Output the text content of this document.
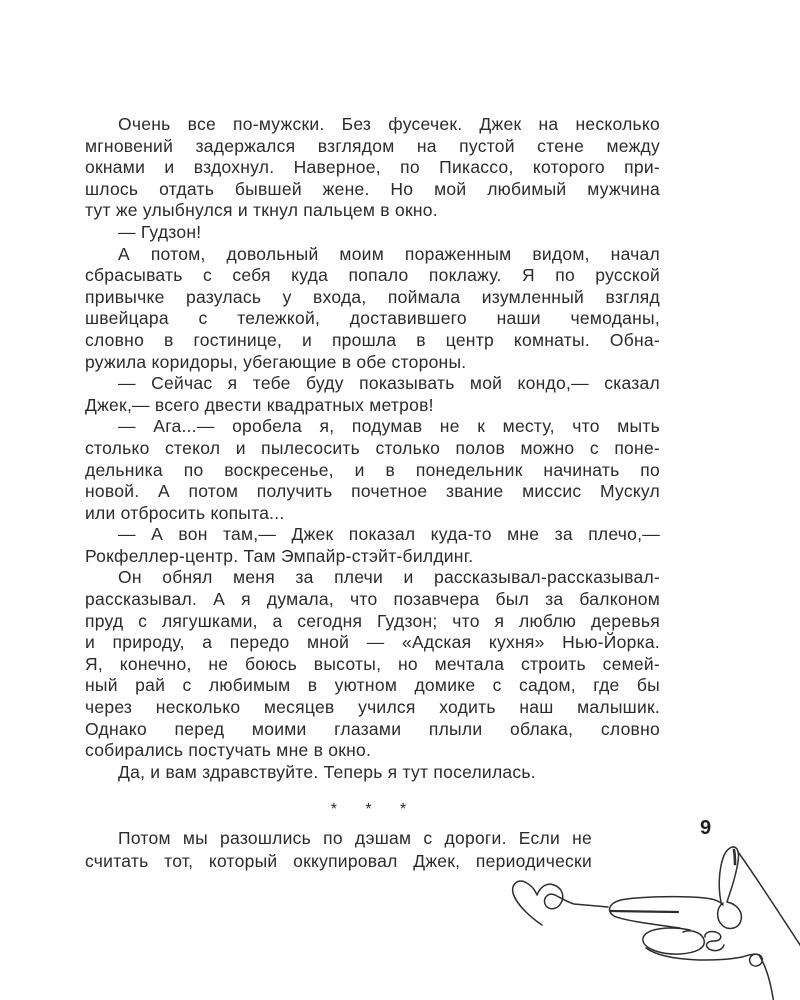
Очень все по-мужски. Без фусечек. Джек на несколько
мгновений задержался взглядом на пустой стене между
окнами и вздохнул. Наверное, по Пикассо, которого при-
шлось отдать бывшей жене. Но мой любимый мужчина
тут же улыбнулся и ткнул пальцем в окно.
— Гудзон!
А потом, довольный моим пораженным видом, начал
сбрасывать с себя куда попало поклажу. Я по русской
привычке разулась у входа, поймала изумленный взгляд
швейцара с тележкой, доставившего наши чемоданы,
словно в гостинице, и прошла в центр комнаты. Обна-
ружила коридоры, убегающие в обе стороны.
— Сейчас я тебе буду показывать мой кондо,— сказал
Джек,— всего двести квадратных метров!
— Ага...— оробела я, подумав не к месту, что мыть
столько стекол и пылесосить столько полов можно с поне-
дельника по воскресенье, и в понедельник начинать по
новой. А потом получить почетное звание миссис Мускул
или отбросить копыта...
— А вон там,— Джек показал куда-то мне за плечо,—
Рокфеллер-центр. Там Эмпайр-стэйт-билдинг.
Он обнял меня за плечи и рассказывал-рассказывал-
рассказывал. А я думала, что позавчера был за балконом
пруд с лягушками, а сегодня Гудзон; что я люблю деревья
и природу, а передо мной — «Адская кухня» Нью-Йорка.
Я, конечно, не боюсь высоты, но мечтала строить семей-
ный рай с любимым в уютном домике с садом, где бы
через несколько месяцев учился ходить наш малышик.
Однако перед моими глазами плыли облака, словно
собирались постучать мне в окно.
Да, и вам здравствуйте. Теперь я тут поселилась.
* * *
Потом мы разошлись по дэшам с дороги. Если не
считать тот, который оккупировал Джек, периодически
9
